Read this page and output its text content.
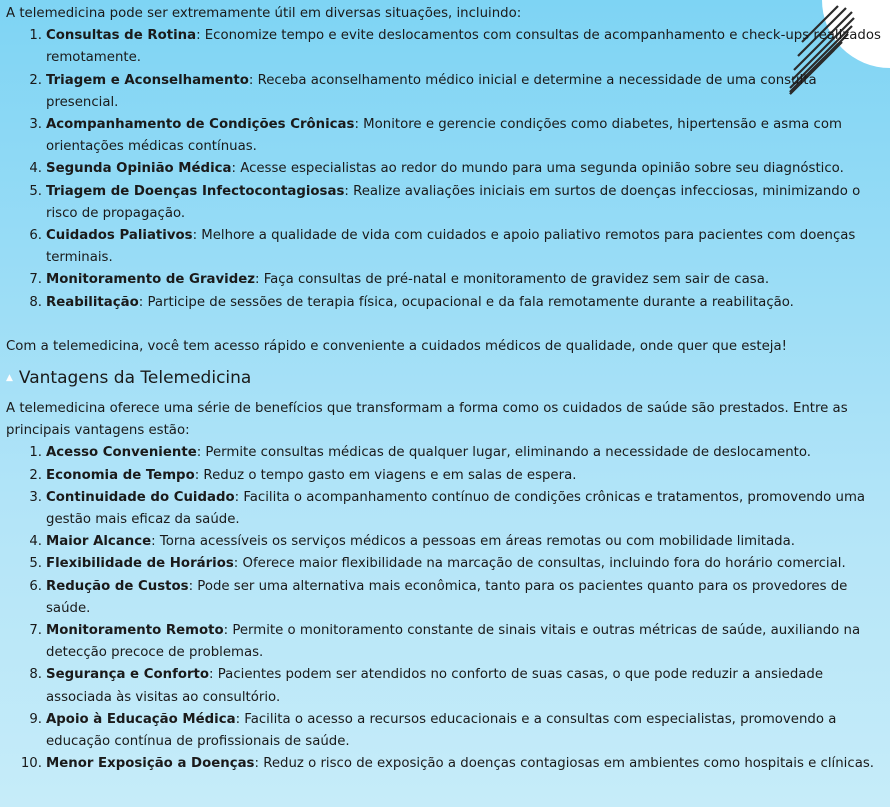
A telemedicina pode ser extremamente útil em diversas situações, incluindo:

1. Consultas de Rotina: Economize tempo e evite deslocamentos com consultas de acompanhamento e check-ups realizados remotamente.
2. Triagem e Aconselhamento: Receba aconselhamento médico inicial e determine a necessidade de uma consulta presencial.
3. Acompanhamento de Condições Crônicas: Monitore e gerencie condições como diabetes, hipertensão e asma com orientações médicas contínuas.
4. Segunda Opinião Médica: Acesse especialistas ao redor do mundo para uma segunda opinião sobre seu diagnóstico.
5. Triagem de Doenças Infectocontagiosas: Realize avaliações iniciais em surtos de doenças infecciosas, minimizando o risco de propagação.
6. Cuidados Paliativos: Melhore a qualidade de vida com cuidados e apoio paliativo remotos para pacientes com doenças terminais.
7. Monitoramento de Gravidez: Faça consultas de pré-natal e monitoramento de gravidez sem sair de casa.
8. Reabilitação: Participe de sessões de terapia física, ocupacional e da fala remotamente durante a reabilitação.

Com a telemedicina, você tem acesso rápido e conveniente a cuidados médicos de qualidade, onde quer que esteja!

▲ Vantagens da Telemedicina

A telemedicina oferece uma série de benefícios que transformam a forma como os cuidados de saúde são prestados. Entre as principais vantagens estão:

1. Acesso Conveniente: Permite consultas médicas de qualquer lugar, eliminando a necessidade de deslocamento.
2. Economia de Tempo: Reduz o tempo gasto em viagens e em salas de espera.
3. Continuidade do Cuidado: Facilita o acompanhamento contínuo de condições crônicas e tratamentos, promovendo uma gestão mais eficaz da saúde.
4. Maior Alcance: Torna acessíveis os serviços médicos a pessoas em áreas remotas ou com mobilidade limitada.
5. Flexibilidade de Horários: Oferece maior flexibilidade na marcação de consultas, incluindo fora do horário comercial.
6. Redução de Custos: Pode ser uma alternativa mais econômica, tanto para os pacientes quanto para os provedores de saúde.
7. Monitoramento Remoto: Permite o monitoramento constante de sinais vitais e outras métricas de saúde, auxiliando na detecção precoce de problemas.
8. Segurança e Conforto: Pacientes podem ser atendidos no conforto de suas casas, o que pode reduzir a ansiedade associada às visitas ao consultório.
9. Apoio à Educação Médica: Facilita o acesso a recursos educacionais e a consultas com especialistas, promovendo a educação contínua de profissionais de saúde.
10. Menor Exposição a Doenças: Reduz o risco de exposição a doenças contagiosas em ambientes como hospitais e clínicas.
